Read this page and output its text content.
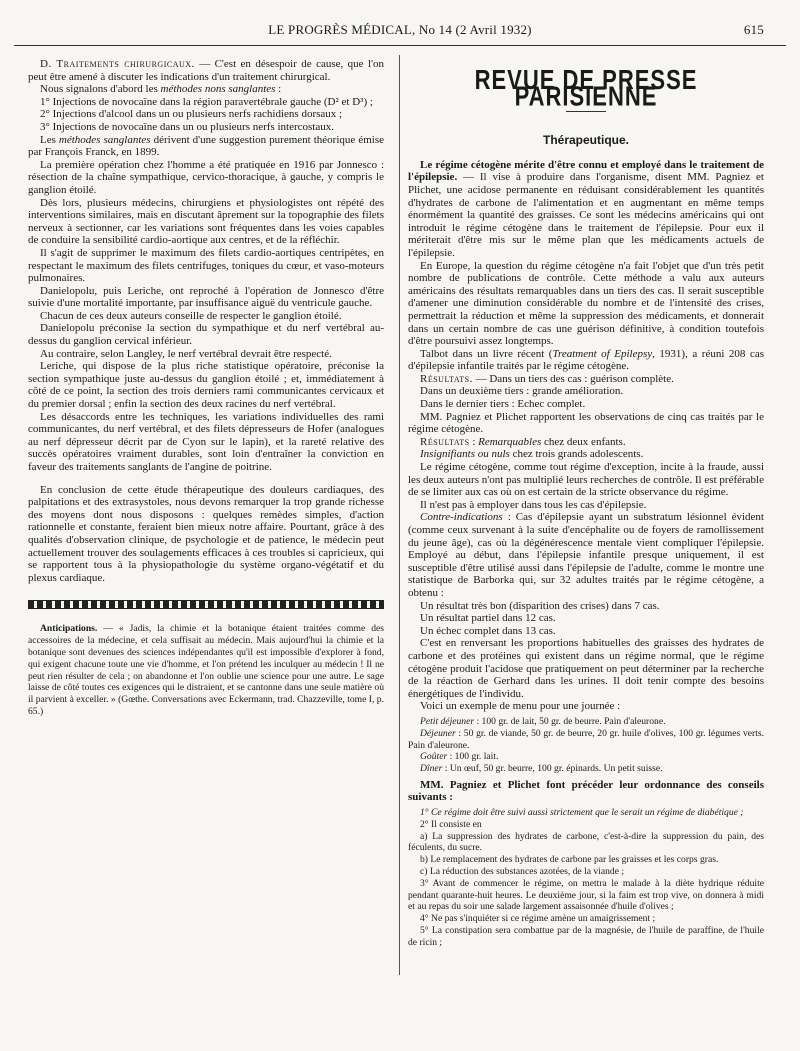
LE PROGRÈS MÉDICAL, No 14 (2 Avril 1932)	615

D. Traitements chirurgicaux. — C'est en désespoir de cause, que l'on peut être amené à discuter les indications d'un traitement chirurgical.

Nous signalons d'abord les méthodes nons sanglantes :

1° Injections de novocaïne dans la région paravertébrale gauche (D² et D³) ;

2° Injections d'alcool dans un ou plusieurs nerfs rachidiens dorsaux ;

3° Injections de novocaïne dans un ou plusieurs nerfs intercostaux.

Les méthodes sanglantes dérivent d'une suggestion purement théorique émise par François Franck, en 1899.

La première opération chez l'homme a été pratiquée en 1916 par Jonnesco : résection de la chaîne sympathique, cervico-thoracique, à gauche, y compris le ganglion étoilé.

Dès lors, plusieurs médecins, chirurgiens et physiologistes ont répété des interventions similaires, mais en discutant âprement sur la topographie des filets nerveux à sectionner, car les variations sont fréquentes dans les voies capables de conduire la sensibilité cardio-aortique aux centres, et de la réfléchir.

Il s'agit de supprimer le maximum des filets cardio-aortiques centripètes, en respectant le maximum des filets centrifuges, toniques du cœur, et vaso-moteurs pulmonaires.

Danielopolu, puis Leriche, ont reproché à l'opération de Jonnesco d'être suivie d'une mortalité importante, par insuffisance aiguë du ventricule gauche.

Chacun de ces deux auteurs conseille de respecter le ganglion étoilé.

Danielopolu préconise la section du sympathique et du nerf vertébral au-dessus du ganglion cervical inférieur.

Au contraire, selon Langley, le nerf vertébral devrait être respecté.

Leriche, qui dispose de la plus riche statistique opératoire, préconise la section sympathique juste au-dessus du ganglion étoilé ; et, immédiatement à côté de ce point, la section des trois derniers rami communicantes cervicaux et du premier dorsal ; enfin la section des deux racines du nerf vertébral.

Les désaccords entre les techniques, les variations individuelles des rami communicantes, du nerf vertébral, et des filets dépresseurs de Hofer (analogues au nerf dépresseur décrit par de Cyon sur le lapin), et la rareté relative des succès opératoires vraiment durables, sont loin d'entraîner la conviction en faveur des traitements sanglants de l'angine de poitrine.

En conclusion de cette étude thérapeutique des douleurs cardiaques, des palpitations et des extrasystoles, nous devons remarquer la trop grande richesse des moyens dont nous disposons : quelques remèdes simples, d'action rationnelle et constante, feraient bien mieux notre affaire. Pourtant, grâce à des qualités d'observation clinique, de psychologie et de patience, le médecin peut actuellement trouver des soulagements efficaces à ces troubles si capricieux, qui se rapportent tous à la physiopathologie du système organo-végétatif et du plexus cardiaque.

Anticipations. — « Jadis, la chimie et la botanique étaient traitées comme des accessoires de la médecine, et cela suffisait au médecin. Mais aujourd'hui la chimie et la botanique sont devenues des sciences indépendantes qu'il est impossible d'explorer à fond, qui exigent chacune toute une vie d'homme, et l'on prétend les inculquer au médecin ! Il ne peut rien résulter de cela ; on abandonne et l'on oublie une science pour une autre. Le sage laisse de côté toutes ces exigences qui le distraient, et se cantonne dans une seule matière où il parvient à exceller. » (Gœthe. Conversations avec Eckermann, trad. Chazzeville, tome I, p. 65.)

REVUE DE PRESSE PARISIENNE
Thérapeutique.

Le régime cétogène mérite d'être connu et employé dans le traitement de l'épilepsie. — Il vise à produire dans l'organisme, disent MM. Pagniez et Plichet, une acidose permanente en réduisant considérablement les quantités d'hydrates de carbone de l'alimentation et en augmentant en même temps énormément la quantité des graisses. Ce sont les médecins américains qui ont introduit le régime cétogène dans le traitement de l'épilepsie. Pour eux il mériterait d'être mis sur le même plan que les médicaments actuels de l'épilepsie.

En Europe, la question du régime cétogène n'a fait l'objet que d'un très petit nombre de publications de contrôle. Cette méthode a valu aux auteurs américains des résultats remarquables dans un tiers des cas. Il serait susceptible d'amener une diminution considérable du nombre et de l'intensité des crises, permettrait la réduction et même la suppression des médicaments, et donnerait dans un certain nombre de cas une guérison définitive, à condition toutefois d'être poursuivi assez longtemps.

Talbot dans un livre récent (Treatment of Epilepsy, 1931), a réuni 208 cas d'épilepsie infantile traités par le régime cétogène.

Résultats. — Dans un tiers des cas : guérison complète.

Dans un deuxième tiers : grande amélioration.

Dans le dernier tiers : Echec complet.

MM. Pagniez et Plichet rapportent les observations de cinq cas traités par le régime cétogène.

Résultats : Remarquables chez deux enfants.

Insignifiants ou nuls chez trois grands adolescents.

Le régime cétogène, comme tout régime d'exception, incite à la fraude, aussi les deux auteurs n'ont pas multiplié leurs recherches de contrôle. Il est préférable de se limiter aux cas où on est certain de la stricte observance du régime.

Il n'est pas à employer dans tous les cas d'épilepsie.

Contre-indications : Cas d'épilepsie ayant un substratum lésionnel évident (comme ceux survenant à la suite d'encéphalite ou de foyers de ramollissement du jeune âge), cas où la dégénérescence mentale vient compliquer l'épilepsie. Employé au début, dans l'épilepsie infantile presque uniquement, il est susceptible d'être utilisé aussi dans l'épilepsie de l'adulte, comme le montre une statistique de Barborka qui, sur 32 adultes traités par le régime cétogène, a obtenu :

Un résultat très bon (disparition des crises) dans 7 cas.

Un résultat partiel dans 12 cas.

Un échec complet dans 13 cas.

C'est en renversant les proportions habituelles des graisses des hydrates de carbone et des protéines qui existent dans un régime normal, que le régime cétogène produit l'acidose que pratiquement on peut déterminer par la recherche de la réaction de Gerhard dans les urines. Il doit tenir compte des besoins énergétiques de l'individu.

Voici un exemple de menu pour une journée :

Petit déjeuner : 100 gr. de lait, 50 gr. de beurre. Pain d'aleurone.

Déjeuner : 50 gr. de viande, 50 gr. de beurre, 20 gr. huile d'olives, 100 gr. légumes verts. Pain d'aleurone.

Goûter : 100 gr. lait.

Dîner : Un œuf, 50 gr. beurre, 100 gr. épinards. Un petit suisse.

MM. Pagniez et Plichet font précéder leur ordonnance des conseils suivants :

1° Ce régime doit être suivi aussi strictement que le serait un régime de diabétique ;

2° Il consiste en

a) La suppression des hydrates de carbone, c'est-à-dire la suppression du pain, des féculents, du sucre.

b) Le remplacement des hydrates de carbone par les graisses et les corps gras.

c) La réduction des substances azotées, de la viande ;

3° Avant de commencer le régime, on mettra le malade à la diète hydrique réduite pendant quarante-huit heures. Le deuxième jour, si la faim est trop vive, on donnera à midi et au repas du soir une salade largement assaisonnée d'huile d'olives ;

4° Ne pas s'inquiéter si ce régime amène un amaigrissement ;

5° La constipation sera combattue par de la magnésie, de l'huile de paraffine, de l'huile de ricin ;
